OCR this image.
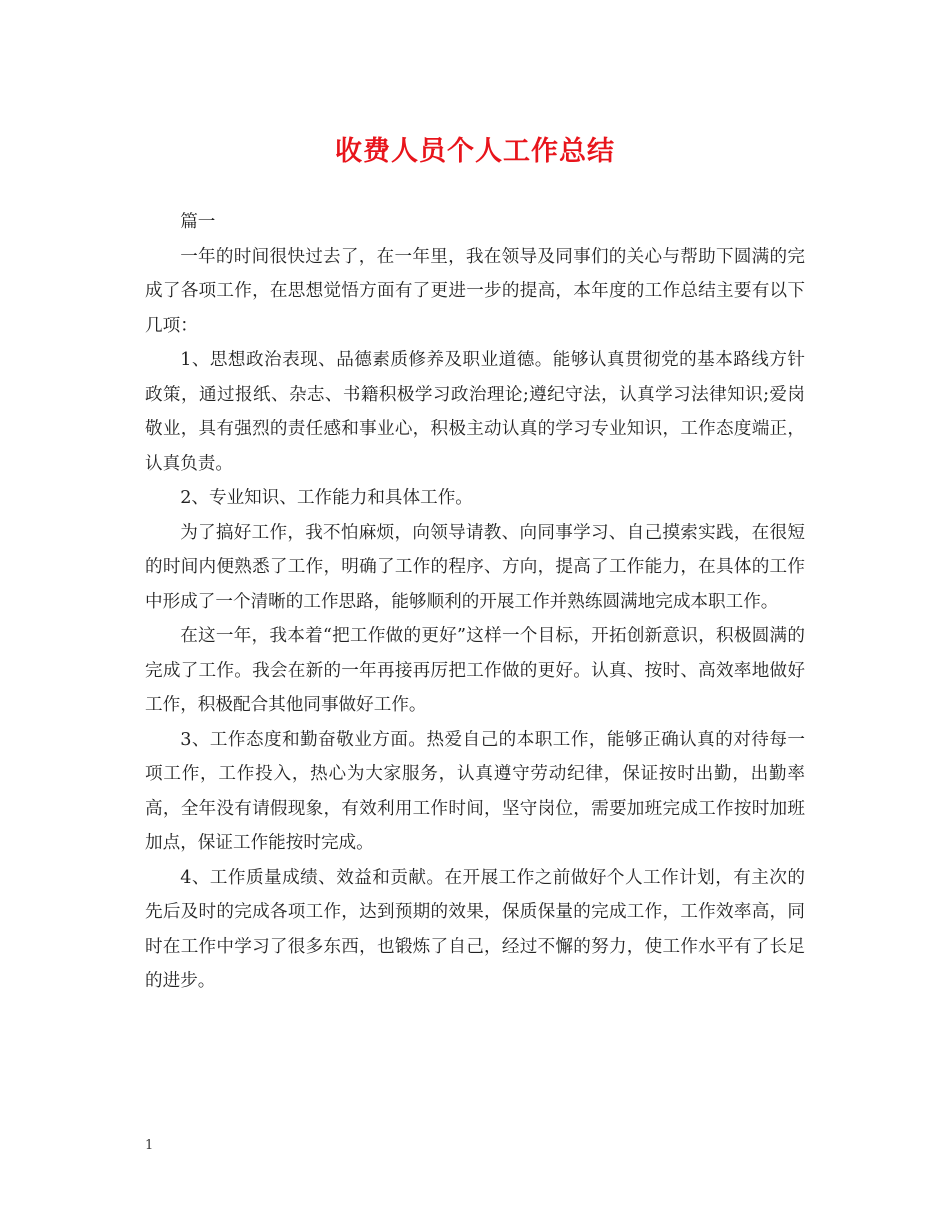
收费人员个人工作总结

篇一

一年的时间很快过去了，在一年里，我在领导及同事们的关心与帮助下圆满的完成了各项工作，在思想觉悟方面有了更进一步的提高，本年度的工作总结主要有以下几项：

1、思想政治表现、品德素质修养及职业道德。能够认真贯彻党的基本路线方针政策，通过报纸、杂志、书籍积极学习政治理论;遵纪守法，认真学习法律知识;爱岗敬业，具有强烈的责任感和事业心，积极主动认真的学习专业知识，工作态度端正，认真负责。

2、专业知识、工作能力和具体工作。

为了搞好工作，我不怕麻烦，向领导请教、向同事学习、自己摸索实践，在很短的时间内便熟悉了工作，明确了工作的程序、方向，提高了工作能力，在具体的工作中形成了一个清晰的工作思路，能够顺利的开展工作并熟练圆满地完成本职工作。

在这一年，我本着“把工作做的更好”这样一个目标，开拓创新意识，积极圆满的完成了工作。我会在新的一年再接再厉把工作做的更好。认真、按时、高效率地做好工作，积极配合其他同事做好工作。

3、工作态度和勤奋敬业方面。热爱自己的本职工作，能够正确认真的对待每一项工作，工作投入，热心为大家服务，认真遵守劳动纪律，保证按时出勤，出勤率高，全年没有请假现象，有效利用工作时间，坚守岗位，需要加班完成工作按时加班加点，保证工作能按时完成。

4、工作质量成绩、效益和贡献。在开展工作之前做好个人工作计划，有主次的先后及时的完成各项工作，达到预期的效果，保质保量的完成工作，工作效率高，同时在工作中学习了很多东西，也锻炼了自己，经过不懈的努力，使工作水平有了长足的进步。

1
